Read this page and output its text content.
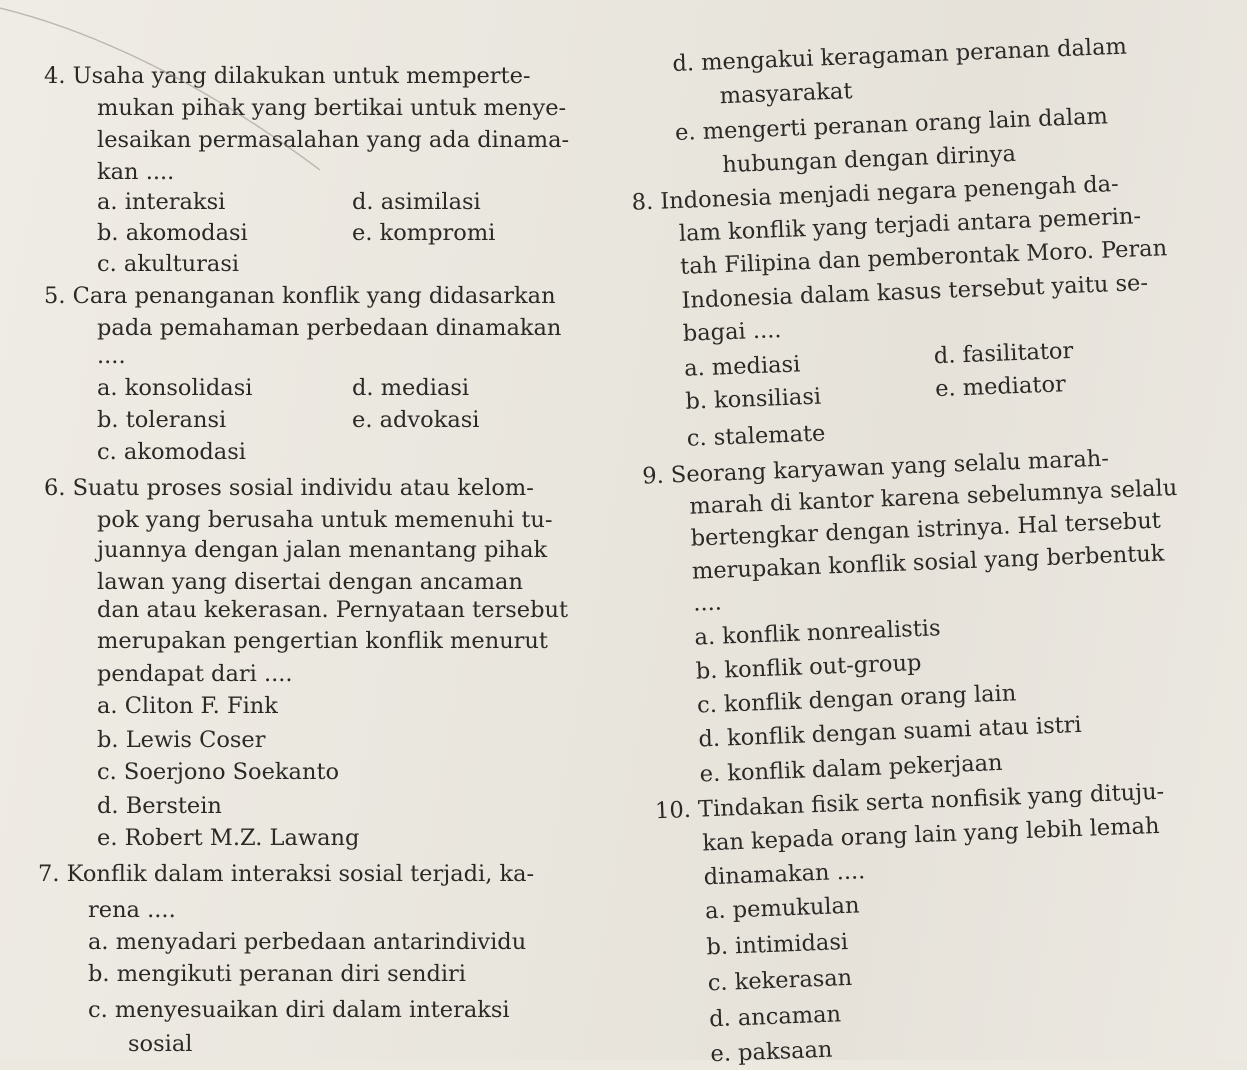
4. Usaha yang dilakukan untuk memperte-
mukan pihak yang bertikai untuk menye-
lesaikan permasalahan yang ada dinama-
kan ....
a. interaksi	d. asimilasi
b. akomodasi	e. kompromi
c. akulturasi
5. Cara penanganan konflik yang didasarkan
pada pemahaman perbedaan dinamakan
....
a. konsolidasi	d. mediasi
b. toleransi	e. advokasi
c. akomodasi
6. Suatu proses sosial individu atau kelom-
pok yang berusaha untuk memenuhi tu-
juannya dengan jalan menantang pihak
lawan yang disertai dengan ancaman
dan atau kekerasan. Pernyataan tersebut
merupakan pengertian konflik menurut
pendapat dari ....
a. Cliton F. Fink
b. Lewis Coser
c. Soerjono Soekanto
d. Berstein
e. Robert M.Z. Lawang
7. Konflik dalam interaksi sosial terjadi, ka-
rena ....
a. menyadari perbedaan antarindividu
b. mengikuti peranan diri sendiri
c. menyesuaikan diri dalam interaksi
sosial
d. mengakui keragaman peranan dalam
masyarakat
e. mengerti peranan orang lain dalam
hubungan dengan dirinya
8. Indonesia menjadi negara penengah da-
lam konflik yang terjadi antara pemerin-
tah Filipina dan pemberontak Moro. Peran
Indonesia dalam kasus tersebut yaitu se-
bagai ....
a. mediasi	d. fasilitator
b. konsiliasi	e. mediator
c. stalemate
9. Seorang karyawan yang selalu marah-
marah di kantor karena sebelumnya selalu
bertengkar dengan istrinya. Hal tersebut
merupakan konflik sosial yang berbentuk
....
a. konflik nonrealistis
b. konflik out-group
c. konflik dengan orang lain
d. konflik dengan suami atau istri
e. konflik dalam pekerjaan
10. Tindakan fisik serta nonfisik yang dituju-
kan kepada orang lain yang lebih lemah
dinamakan ....
a. pemukulan
b. intimidasi
c. kekerasan
d. ancaman
e. paksaan
